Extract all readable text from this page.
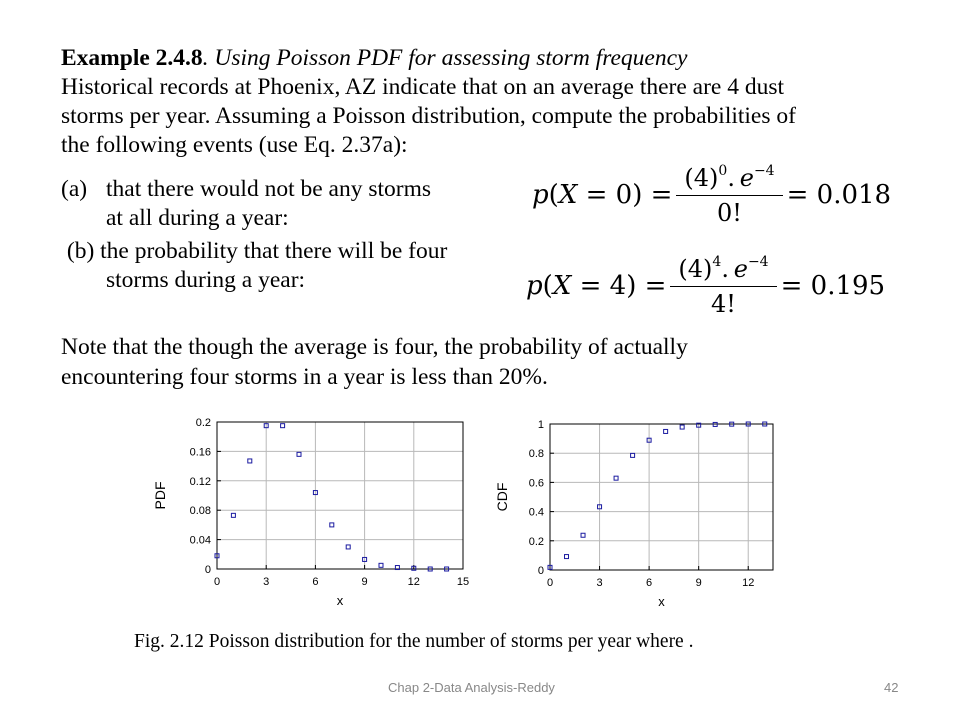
Example 2.4.8. Using Poisson PDF for assessing storm frequency
Historical records at Phoenix, AZ indicate that on an average there are 4 dust
storms per year. Assuming a Poisson distribution, compute the probabilities of
the following events (use Eq. 2.37a):
(a) that there would not be any storms
at all during a year:
(b) the probability that there will be four
storms during a year:
p ( X = 0 ) = $\frac{(4)^0. e^{-4}}{0!} = 0.018$
p ( X = 4 ) = $\frac{(4)^4. e^{-4}}{4!} = 0.195$
Note that the though the average is four, the probability of actually
encountering four storms in a year is less than 20%.
0	3	6	9	12	15
0
0.04
0.08
0.12
0.16
0.2
x
PDF
0	3	6	9	12
0
0.2
0.4
0.6
0.8
1
x
CDF
Fig. 2.12 Poisson distribution for the number of storms per year where .
Chap 2-Data Analysis-Reddy	42
